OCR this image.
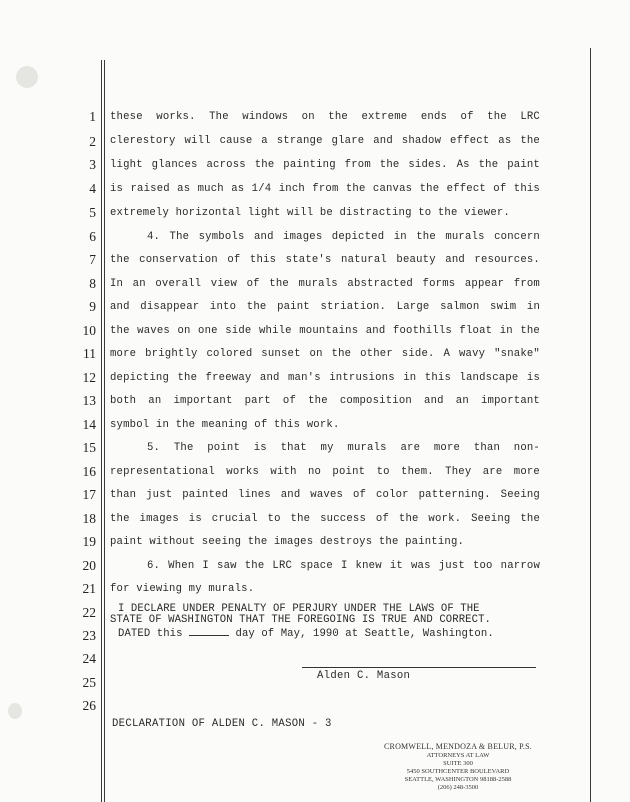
1
2
3
4
5
6
7
8
9
10
11
12
13
14
15
16
17
18
19
20
21
22
23
24
25
26
these works. The windows on the extreme ends of the LRC
clerestory will cause a strange glare and shadow effect as the
light glances across the painting from the sides. As the paint
is raised as much as 1/4 inch from the canvas the effect of this
extremely horizontal light will be distracting to the viewer.
4. The symbols and images depicted in the murals concern
the conservation of this state's natural beauty and resources.
In an overall view of the murals abstracted forms appear from
and disappear into the paint striation. Large salmon swim in
the waves on one side while mountains and foothills float in the
more brightly colored sunset on the other side. A wavy "snake"
depicting the freeway and man's intrusions in this landscape is
both an important part of the composition and an important
symbol in the meaning of this work.
5. The point is that my murals are more than non-
representational works with no point to them. They are more
than just painted lines and waves of color patterning. Seeing
the images is crucial to the success of the work. Seeing the
paint without seeing the images destroys the painting.
6. When I saw the LRC space I knew it was just too narrow
for viewing my murals.
I DECLARE UNDER PENALTY OF PERJURY UNDER THE LAWS OF THE
STATE OF WASHINGTON THAT THE FOREGOING IS TRUE AND CORRECT.
DATED this	day of May, 1990 at Seattle, Washington.
Alden C. Mason
DECLARATION OF ALDEN C. MASON - 3
CROMWELL, MENDOZA & BELUR, P.S.
ATTORNEYS AT LAW
SUITE 300
5450 SOUTHCENTER BOULEVARD
SEATTLE, WASHINGTON 98188-2588
(206) 248-3500
